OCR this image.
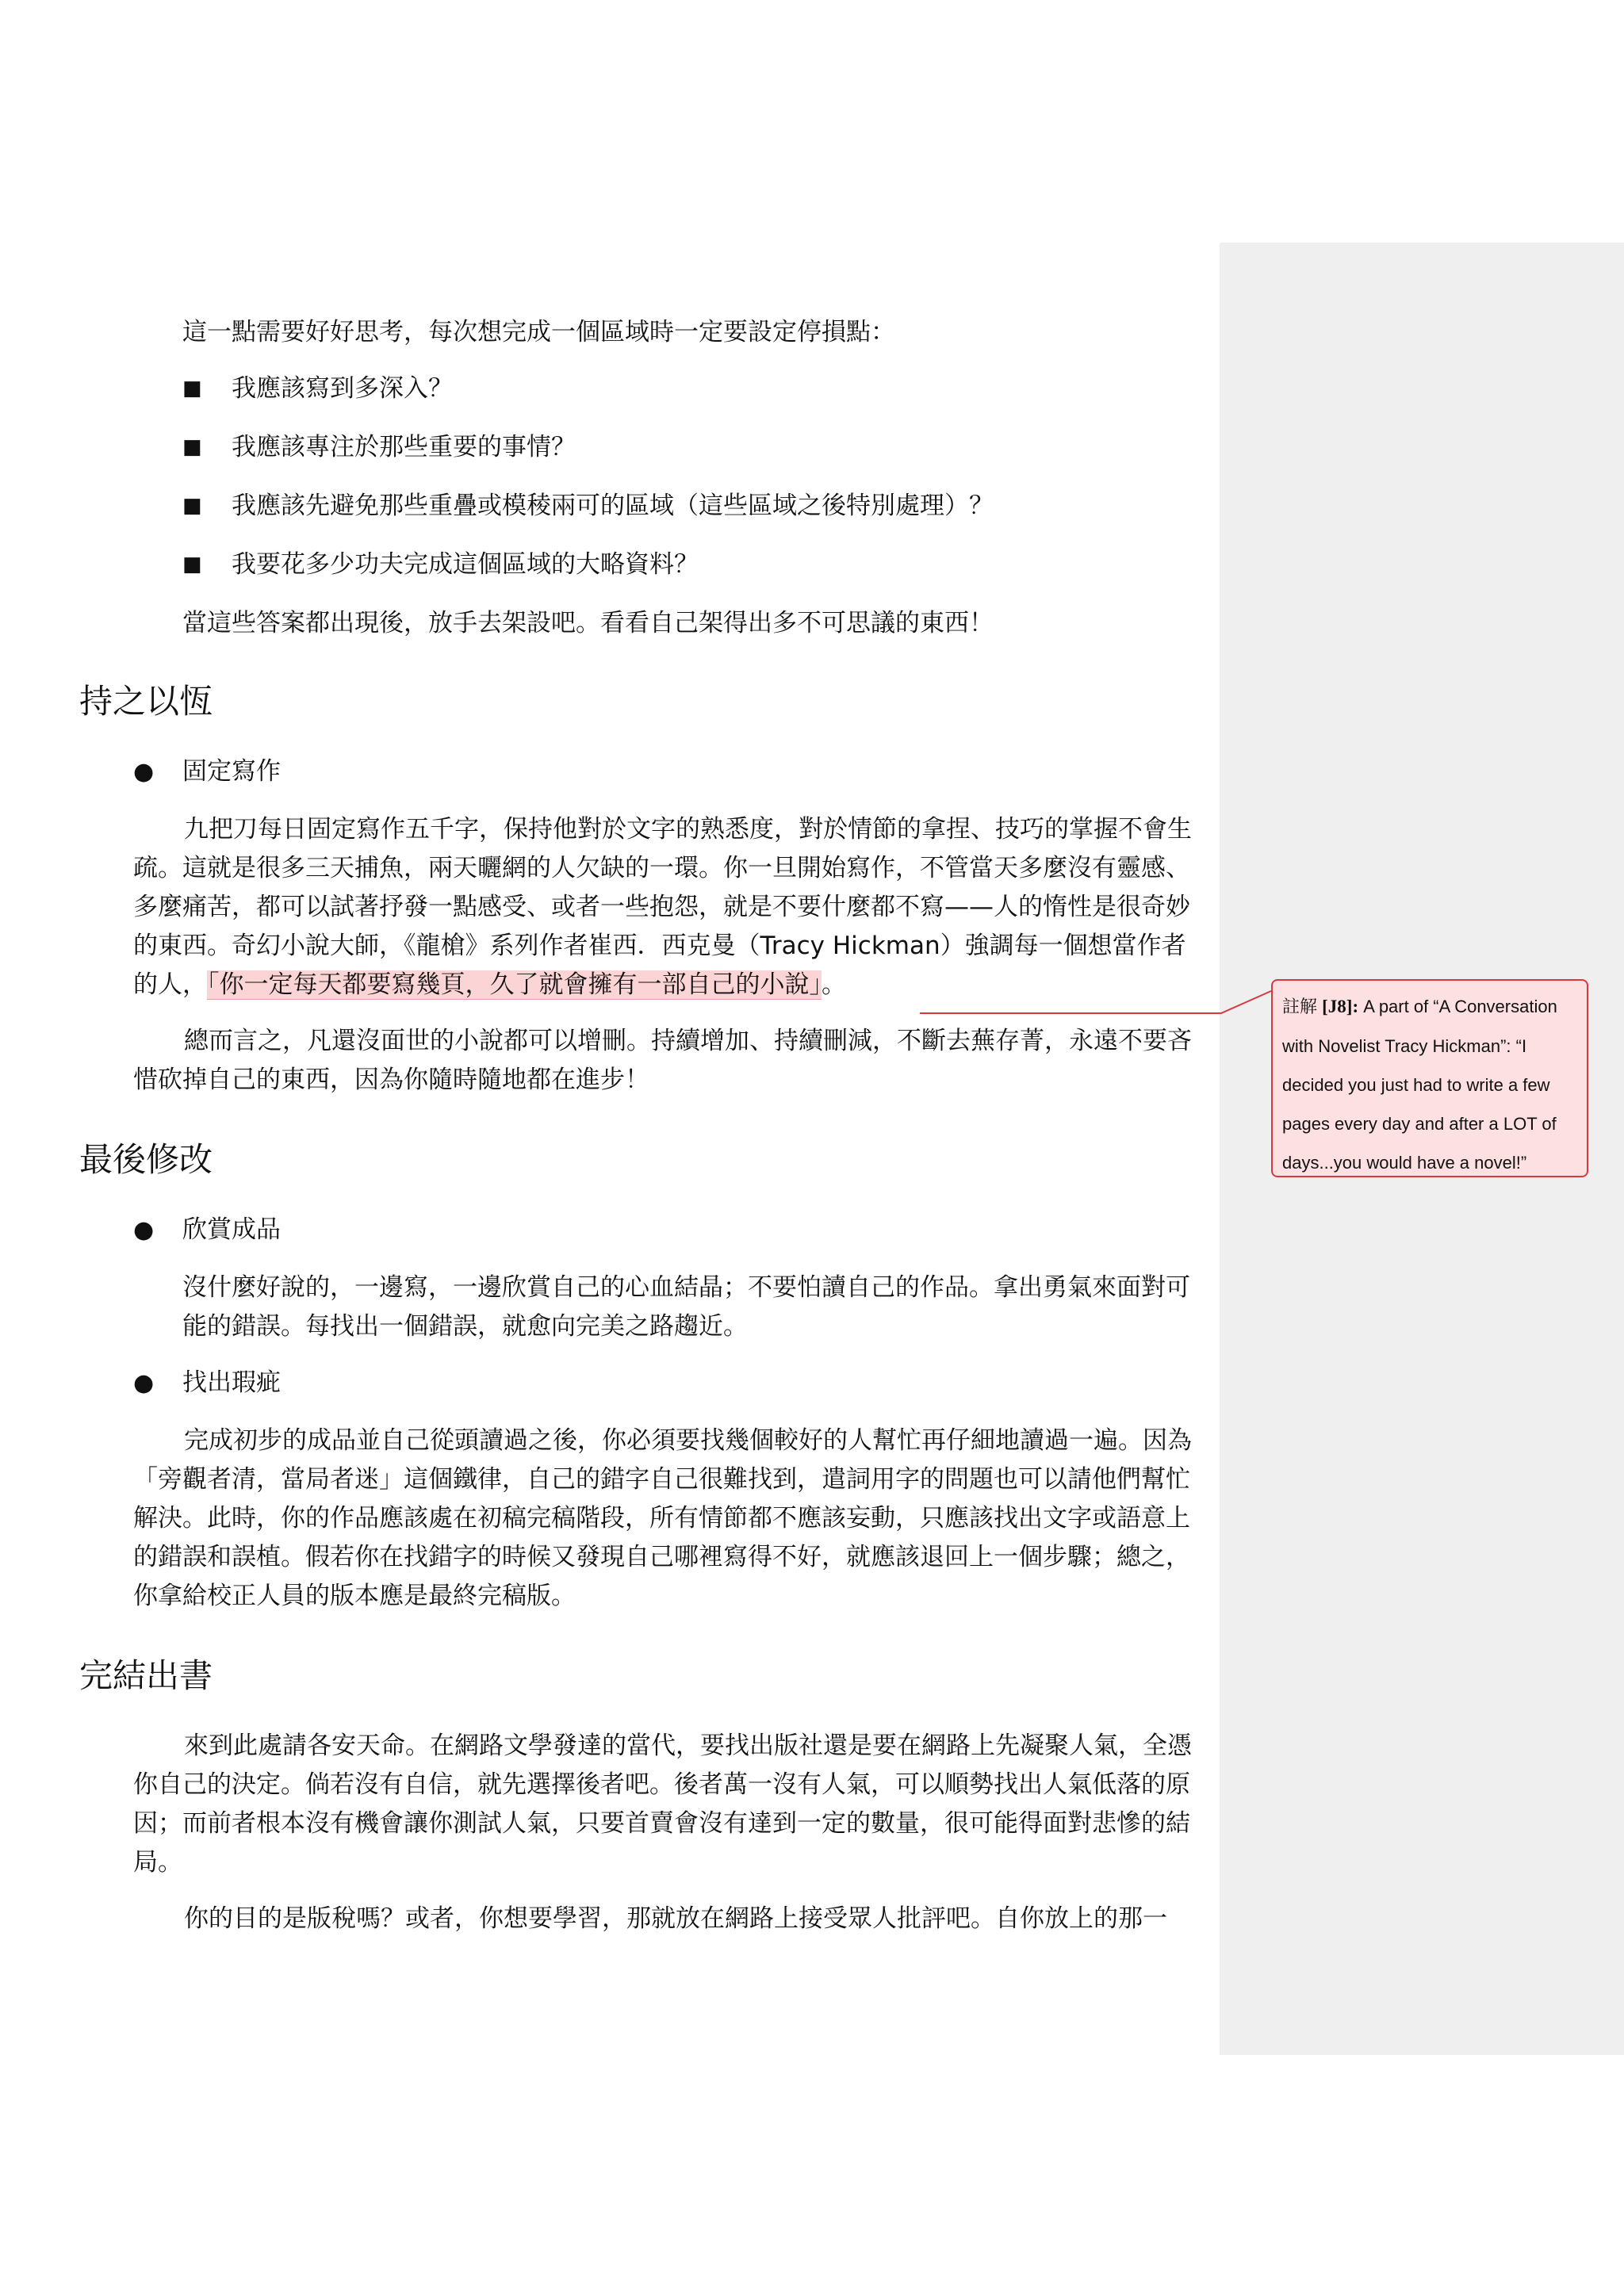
這一點需要好好思考，每次想完成一個區域時一定要設定停損點：

■	我應該寫到多深入？
■	我應該專注於那些重要的事情？
■	我應該先避免那些重疊或模稜兩可的區域（這些區域之後特別處理）？
■	我要花多少功夫完成這個區域的大略資料？

當這些答案都出現後，放手去架設吧。看看自己架得出多不可思議的東西！

持之以恆
●	固定寫作

九把刀每日固定寫作五千字，保持他對於文字的熟悉度，對於情節的拿捏、技巧的掌握不會生疏。這就是很多三天捕魚，兩天曬網的人欠缺的一環。你一旦開始寫作，不管當天多麼沒有靈感、多麼痛苦，都可以試著抒發一點感受、或者一些抱怨，就是不要什麼都不寫——人的惰性是很奇妙的東西。奇幻小說大師，《龍槍》系列作者崔西．西克曼（Tracy Hickman）強調每一個想當作者的人，「你一定每天都要寫幾頁，久了就會擁有一部自己的小說」。

總而言之，凡還沒面世的小說都可以增刪。持續增加、持續刪減，不斷去蕪存菁，永遠不要吝惜砍掉自己的東西，因為你隨時隨地都在進步！

最後修改
●	欣賞成品

沒什麼好說的，一邊寫，一邊欣賞自己的心血結晶；不要怕讀自己的作品。拿出勇氣來面對可能的錯誤。每找出一個錯誤，就愈向完美之路趨近。

●	找出瑕疵

完成初步的成品並自己從頭讀過之後，你必須要找幾個較好的人幫忙再仔細地讀過一遍。因為「旁觀者清，當局者迷」這個鐵律，自己的錯字自己很難找到，遣詞用字的問題也可以請他們幫忙解決。此時，你的作品應該處在初稿完稿階段，所有情節都不應該妄動，只應該找出文字或語意上的錯誤和誤植。假若你在找錯字的時候又發現自己哪裡寫得不好，就應該退回上一個步驟；總之，你拿給校正人員的版本應是最終完稿版。

完結出書

來到此處請各安天命。在網路文學發達的當代，要找出版社還是要在網路上先凝聚人氣，全憑你自己的決定。倘若沒有自信，就先選擇後者吧。後者萬一沒有人氣，可以順勢找出人氣低落的原因；而前者根本沒有機會讓你測試人氣，只要首賣會沒有達到一定的數量，很可能得面對悲慘的結局。

你的目的是版稅嗎？或者，你想要學習，那就放在網路上接受眾人批評吧。自你放上的那一

註解 [J8]: A part of “A Conversation with Novelist Tracy Hickman”: “I decided you just had to write a few pages every day and after a LOT of days...you would have a novel!”
